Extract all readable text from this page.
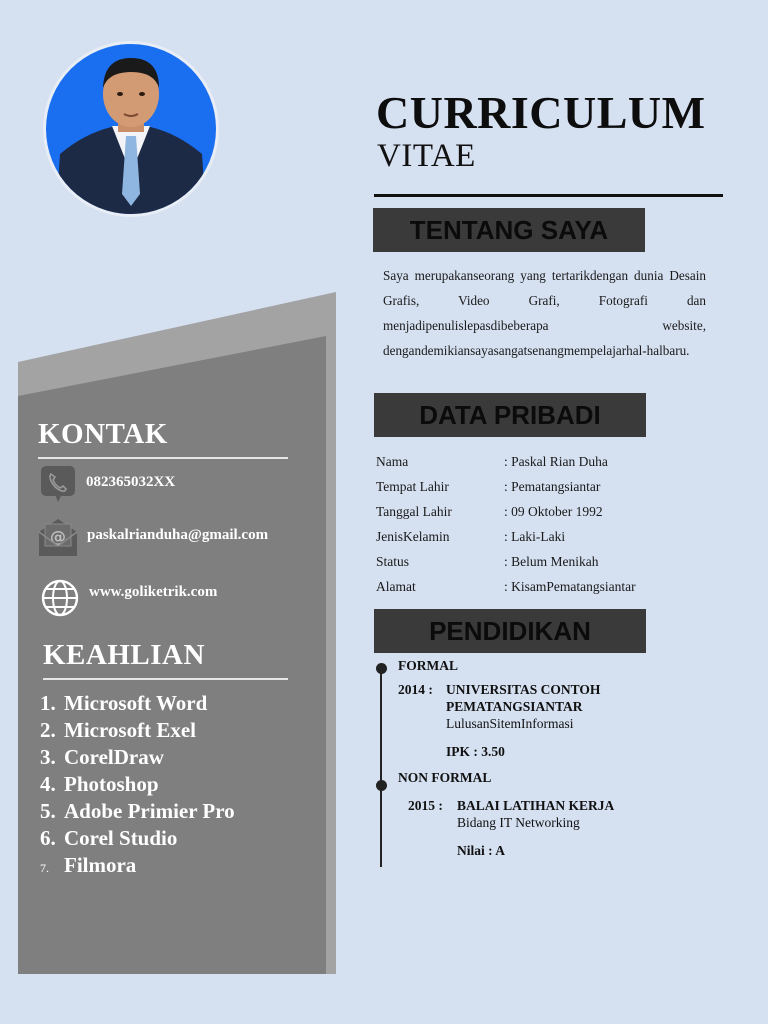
KONTAK
082365032XX
@ paskalrianduha@gmail.com
www.goliketrik.com
KEAHLIAN
1. Microsoft Word
2. Microsoft Exel
3. CorelDraw
4. Photoshop
5. Adobe Primier Pro
6. Corel Studio
7. Filmora
CURRICULUM
VITAE
TENTANG SAYA
Saya merupakanseorang yang tertarikdengan dunia Desain Grafis, Video Grafi, Fotografi dan menjadipenulislepasdibeberapa website, dengandemikiansayasangatsenangmempelajarhal-halbaru.
DATA PRIBADI
Nama	: Paskal Rian Duha
Tempat Lahir	: Pematangsiantar
Tanggal Lahir	: 09 Oktober 1992
JenisKelamin	: Laki-Laki
Status	: Belum Menikah
Alamat	: KisamPematangsiantar
PENDIDIKAN
FORMAL
2014 : UNIVERSITAS CONTOH
PEMATANGSIANTAR
LulusanSitemInformasi
IPK : 3.50
NON FORMAL
2015 : BALAI LATIHAN KERJA
Bidang IT Networking
Nilai : A
